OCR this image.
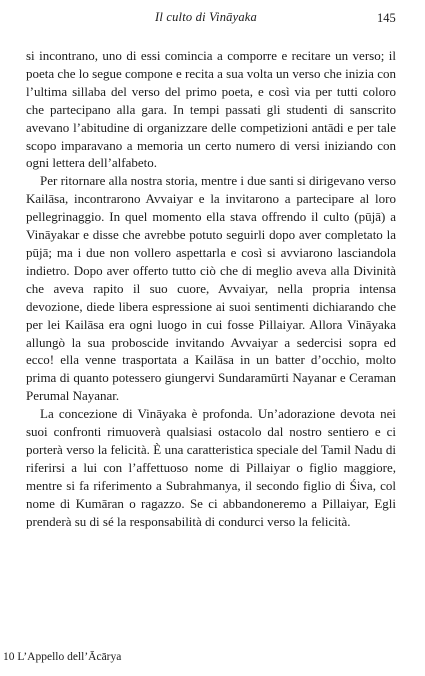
Il culto di Vināyaka	145

si incontrano, uno di essi comincia a comporre e recitare un verso; il poeta che lo segue compone e recita a sua volta un verso che inizia con l’ultima sillaba del verso del primo poeta, e così via per tutti coloro che partecipano alla gara. In tempi passati gli studenti di sanscrito avevano l’abitudine di organizzare delle competizioni antādi e per tale scopo imparavano a memoria un certo numero di versi iniziando con ogni lettera dell’alfabeto.

Per ritornare alla nostra storia, mentre i due santi si dirigevano verso Kailāsa, incontrarono Avvaiyar e la invitarono a partecipare al loro pellegrinaggio. In quel momento ella stava offrendo il culto (pūjā) a Vināyakar e disse che avrebbe potuto seguirli dopo aver completato la pūjā; ma i due non vollero aspettarla e così si avviarono lasciandola indietro. Dopo aver offerto tutto ciò che di meglio aveva alla Divinità che aveva rapito il suo cuore, Avvaiyar, nella propria intensa devozione, diede libera espressione ai suoi sentimenti dichiarando che per lei Kailāsa era ogni luogo in cui fosse Pillaiyar. Allora Vināyaka allungò la sua proboscide invitando Avvaiyar a sedercisi sopra ed ecco! ella venne trasportata a Kailāsa in un batter d’occhio, molto prima di quanto potessero giungervi Sundaramūrti Nayanar e Ceraman Perumal Nayanar.

La concezione di Vināyaka è profonda. Un’adorazione devota nei suoi confronti rimuoverà qualsiasi ostacolo dal nostro sentiero e ci porterà verso la felicità. È una caratteristica speciale del Tamil Nadu di riferirsi a lui con l’affettuoso nome di Pillaiyar o figlio maggiore, mentre si fa riferimento a Subrahmanya, il secondo figlio di Śiva, col nome di Kumāran o ragazzo. Se ci abbandoneremo a Pillaiyar, Egli prenderà su di sé la responsabilità di condurci verso la felicità.

10 L’Appello dell’Ācārya
